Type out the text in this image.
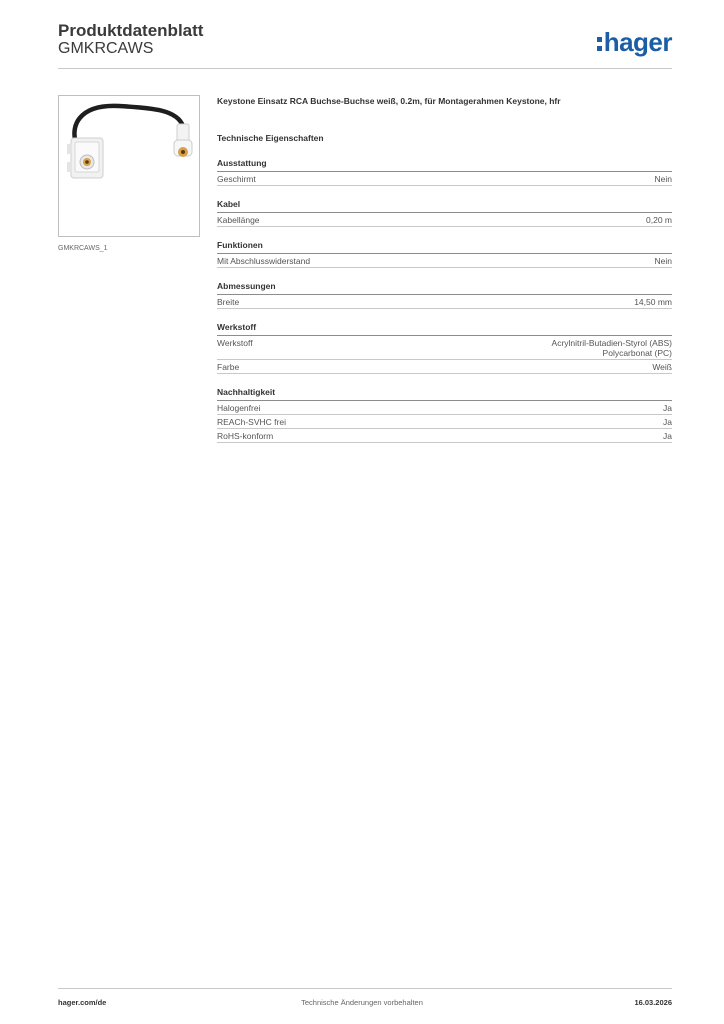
Produktdatenblatt
GMKRCAWS	hager
GMKRCAWS_1
Keystone Einsatz RCA Buchse-Buchse weiß, 0.2m, für Montagerahmen Keystone, hfr
Technische Eigenschaften
Ausstattung
Geschirmt	Nein
Kabel
Kabellänge	0,20 m
Funktionen
Mit Abschlusswiderstand	Nein
Abmessungen
Breite	14,50 mm
Werkstoff
Werkstoff	Acrylnitril-Butadien-Styrol (ABS)
Polycarbonat (PC)
Farbe	Weiß
Nachhaltigkeit
Halogenfrei	Ja
REACh-SVHC frei	Ja
RoHS-konform	Ja
hager.com/de	Technische Änderungen vorbehalten	16.03.2026
